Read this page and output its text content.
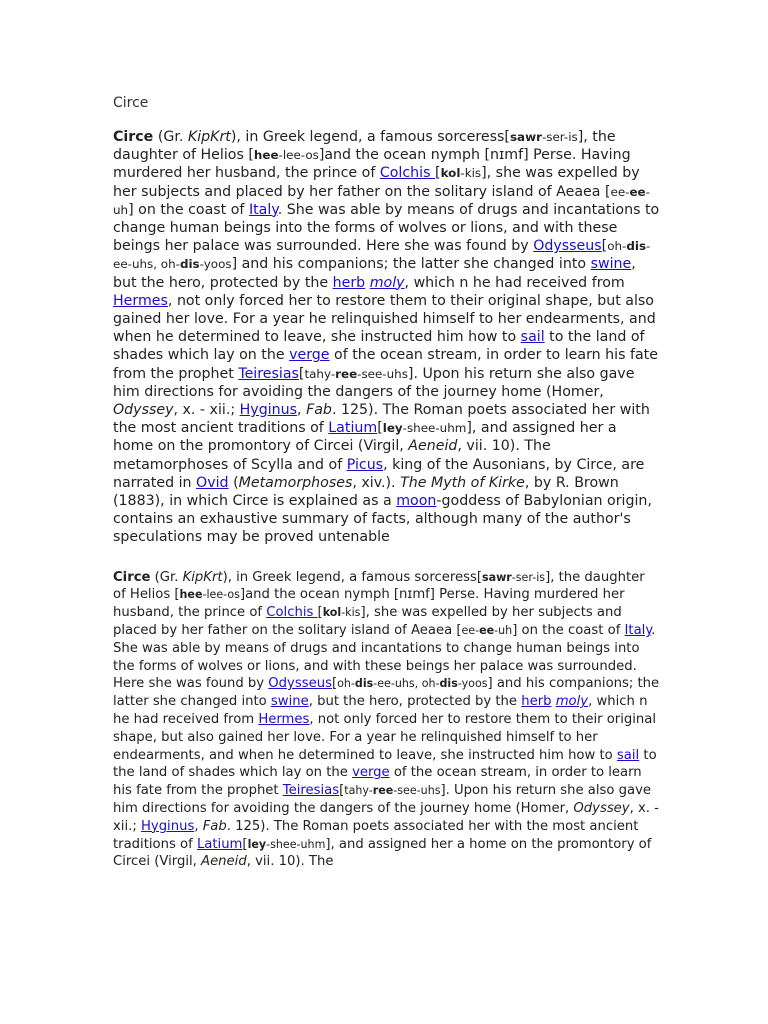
Circe

Circe (Gr. KipKrt), in Greek legend, a famous sorceress[sawr-ser-is], the daughter of Helios [hee-lee-os]and the ocean nymph [nɪmf] Perse. Having murdered her husband, the prince of Colchis [kol-kis], she was expelled by her subjects and placed by her father on the solitary island of Aeaea [ee-ee-uh] on the coast of Italy. She was able by means of drugs and incantations to change human beings into the forms of wolves or lions, and with these beings her palace was surrounded. Here she was found by Odysseus[oh-dis-ee-uhs, oh-dis-yoos] and his companions; the latter she changed into swine, but the hero, protected by the herb moly, which n he had received from Hermes, not only forced her to restore them to their original shape, but also gained her love. For a year he relinquished himself to her endearments, and when he determined to leave, she instructed him how to sail to the land of shades which lay on the verge of the ocean stream, in order to learn his fate from the prophet Teiresias[tahy-ree-see-uhs]. Upon his return she also gave him directions for avoiding the dangers of the journey home (Homer, Odyssey, x. - xii.; Hyginus, Fab. 125). The Roman poets associated her with the most ancient traditions of Latium[ley-shee-uhm], and assigned her a home on the promontory of Circei (Virgil, Aeneid, vii. 10). The metamorphoses of Scylla and of Picus, king of the Ausonians, by Circe, are narrated in Ovid (Metamorphoses, xiv.). The Myth of Kirke, by R. Brown (1883), in which Circe is explained as a moon-goddess of Babylonian origin, contains an exhaustive summary of facts, although many of the author's speculations may be proved untenable

Circe (Gr. KipKrt), in Greek legend, a famous sorceress[sawr-ser-is], the daughter of Helios [hee-lee-os]and the ocean nymph [nɪmf] Perse. Having murdered her husband, the prince of Colchis [kol-kis], she was expelled by her subjects and placed by her father on the solitary island of Aeaea [ee-ee-uh] on the coast of Italy. She was able by means of drugs and incantations to change human beings into the forms of wolves or lions, and with these beings her palace was surrounded. Here she was found by Odysseus[oh-dis-ee-uhs, oh-dis-yoos] and his companions; the latter she changed into swine, but the hero, protected by the herb moly, which n he had received from Hermes, not only forced her to restore them to their original shape, but also gained her love. For a year he relinquished himself to her endearments, and when he determined to leave, she instructed him how to sail to the land of shades which lay on the verge of the ocean stream, in order to learn his fate from the prophet Teiresias[tahy-ree-see-uhs]. Upon his return she also gave him directions for avoiding the dangers of the journey home (Homer, Odyssey, x. - xii.; Hyginus, Fab. 125). The Roman poets associated her with the most ancient traditions of Latium[ley-shee-uhm], and assigned her a home on the promontory of Circei (Virgil, Aeneid, vii. 10). The
